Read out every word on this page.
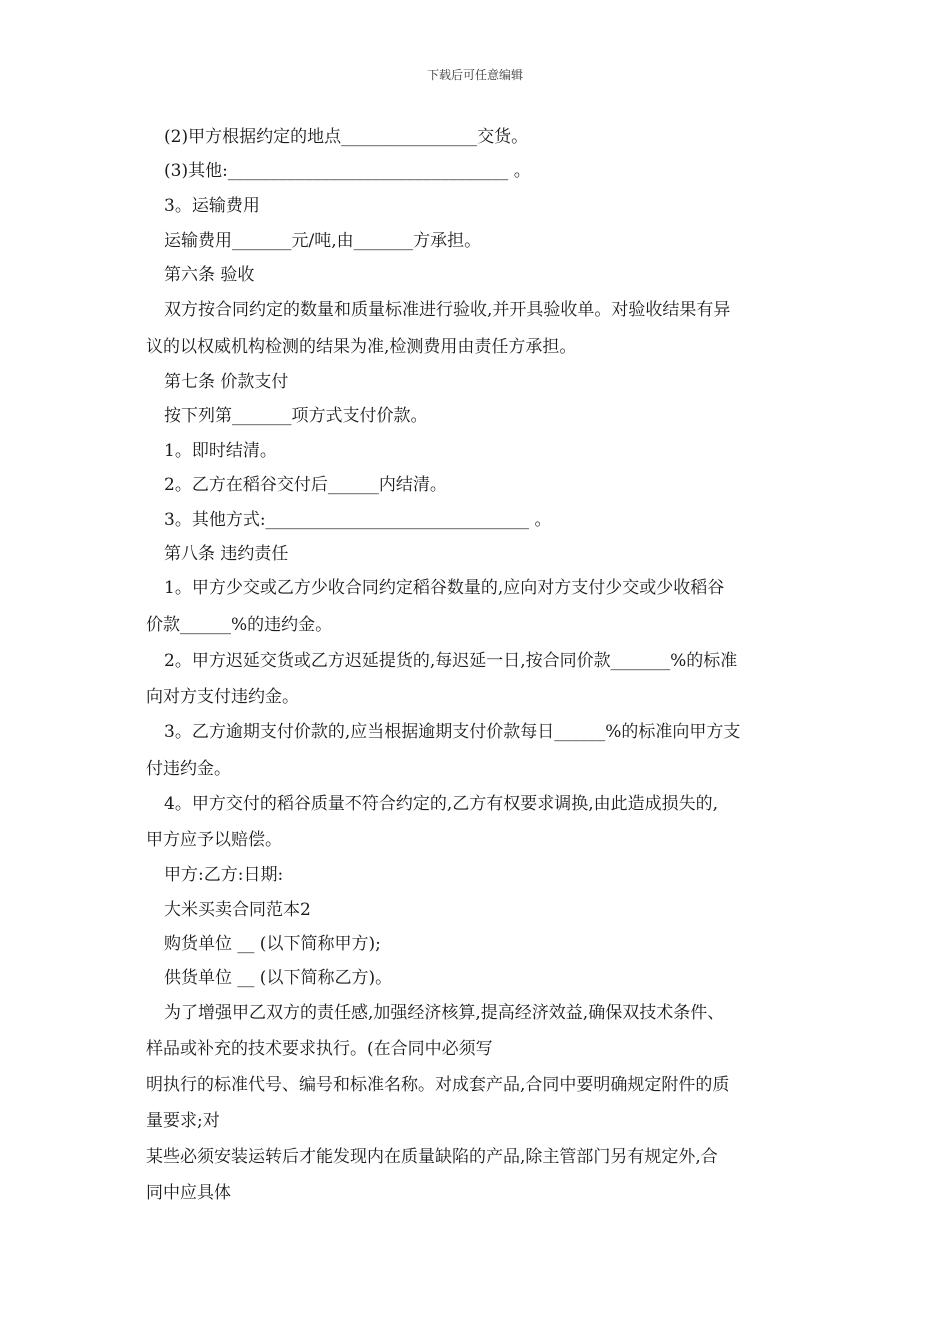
下载后可任意编辑
(2)甲方根据约定的地点________________交货。
(3)其他:_________________________________ 。
3。运输费用
运输费用_______元/吨,由_______方承担。
第六条 验收
双方按合同约定的数量和质量标准进行验收,并开具验收单。对验收结果有异
议的以权威机构检测的结果为准,检测费用由责任方承担。
第七条 价款支付
按下列第_______项方式支付价款。
1。即时结清。
2。乙方在稻谷交付后______内结清。
3。其他方式:_______________________________ 。
第八条 违约责任
1。甲方少交或乙方少收合同约定稻谷数量的,应向对方支付少交或少收稻谷
价款______%的违约金。
2。甲方迟延交货或乙方迟延提货的,每迟延一日,按合同价款_______%的标准
向对方支付违约金。
3。乙方逾期支付价款的,应当根据逾期支付价款每日______%的标准向甲方支
付违约金。
4。甲方交付的稻谷质量不符合约定的,乙方有权要求调换,由此造成损失的,
甲方应予以赔偿。
甲方:乙方:日期:
大米买卖合同范本2
购货单位 __ (以下简称甲方);
供货单位 __ (以下简称乙方)。
为了增强甲乙双方的责任感,加强经济核算,提高经济效益,确保双技术条件、
样品或补充的技术要求执行。(在合同中必须写
明执行的标准代号、编号和标准名称。对成套产品,合同中要明确规定附件的质
量要求;对
某些必须安装运转后才能发现内在质量缺陷的产品,除主管部门另有规定外,合
同中应具体
